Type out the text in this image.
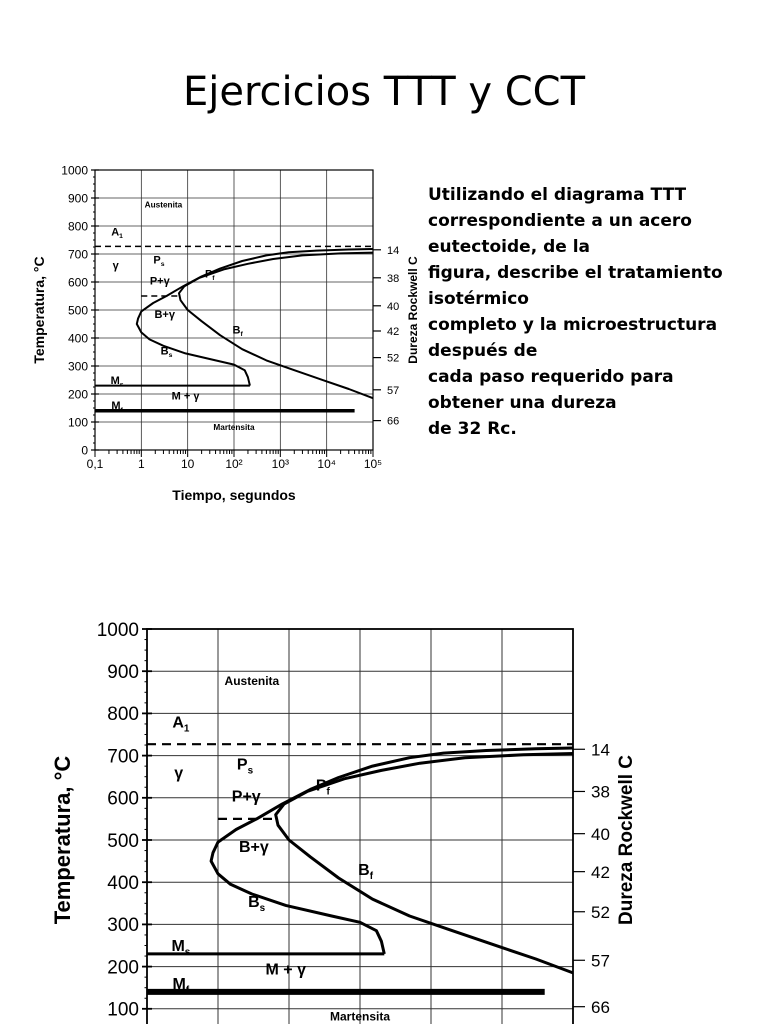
Ejercicios TTT y CCT
Utilizando el diagrama TTT
correspondiente a un acero
eutectoide, de la
figura, describe el tratamiento
isotérmico
completo y la microestructura
después de
cada paso requerido para
obtener una dureza
de 32 Rc.
0
100
200
300
400
500
600
700
800
900
1000
0,1	1	10	10² 10³ 10⁴ 10⁵
Tiempo, segundos
Temperatura, °C
14
38
40
42
52
57
66
Dureza Rockwell C
Austenita
$A_1$
γ	$P_s$
$P_f$
P+γ
B+γ
$B_f$
$B_s$
$M_s$
M + γ
$M_f$
Martensita
100
200
300
400
500
600
700
800
900
1000
Temperatura, °C
14
38
40
42
52
57
66
Dureza Rockwell C
Austenita
$A_1$
γ	$P_s$
$P_f$
P+γ
B+γ
$B_f$
$B_s$
$M_s$
M + γ
$M_f$
Martensita
